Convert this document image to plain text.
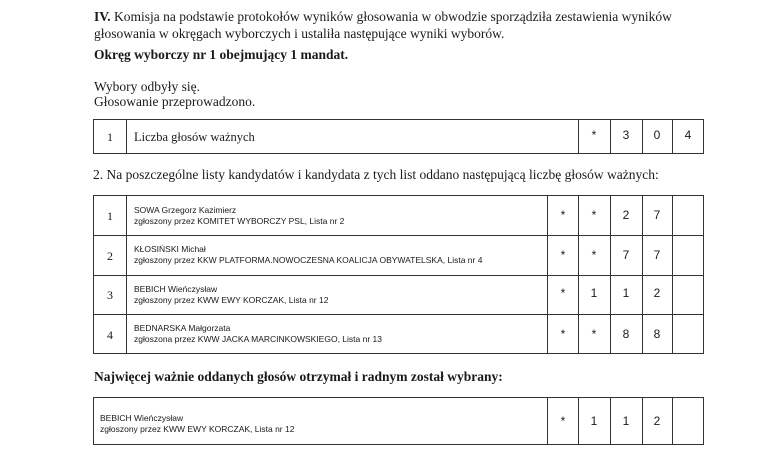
IV. Komisja na podstawie protokołów wyników głosowania w obwodzie sporządziła zestawienia wyników głosowania w okręgach wyborczych i ustaliła następujące wyniki wyborów.
Okręg wyborczy nr 1 obejmujący 1 mandat.
Wybory odbyły się.
Głosowanie przeprowadzono.
1	Liczba głosów ważnych	*	3	0	4
2. Na poszczególne listy kandydatów i kandydata z tych list oddano następującą liczbę głosów ważnych:
1	SOWA Grzegorz Kazimierz
zgłoszony przez KOMITET WYBORCZY PSL, Lista nr 2	*	*	2	7
2	KŁOSIŃSKI Michał
zgłoszony przez KKW PLATFORMA.NOWOCZESNA KOALICJA OBYWATELSKA, Lista nr 4	*	*	7	7
3	BEBICH Wieńczysław
zgłoszony przez KWW EWY KORCZAK, Lista nr 12	*	1	1	2
4	BEDNARSKA Małgorzata
zgłoszona przez KWW JACKA MARCINKOWSKIEGO, Lista nr 13	*	*	8	8
Najwięcej ważnie oddanych głosów otrzymał i radnym został wybrany:
BEBICH Wieńczysław
zgłoszony przez KWW EWY KORCZAK, Lista nr 12
*	1	1	2
